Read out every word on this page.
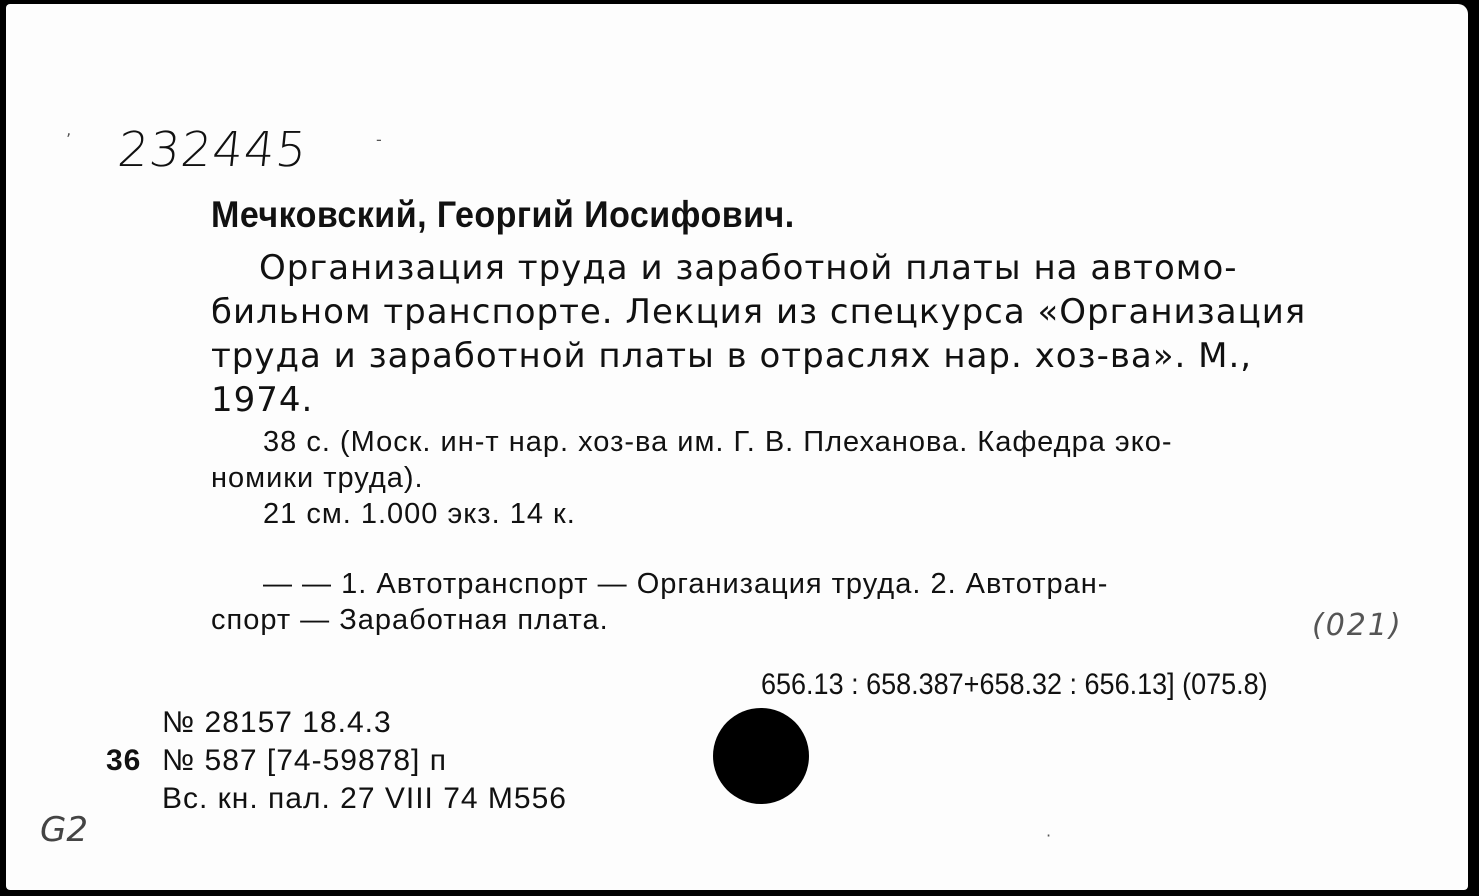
232445
Мечковский, Георгий Иосифович.
Организация труда и заработной платы на автомо-
бильном транспорте. Лекция из спецкурса «Организация
труда и заработной платы в отраслях нар. хоз-ва». М.,
1974.
38 с. (Моск. ин-т нар. хоз-ва им. Г. В. Плеханова. Кафедра эко-
номики труда).
21 см. 1.000 экз. 14 к.
— — 1. Автотранспорт — Организация труда. 2. Автотран-
спорт — Заработная плата.	(021)
656.13 : 658.387+658.32 : 656.13] (075.8)
№ 28157 18.4.3
36 № 587 [74-59878] п
Вс. кн. пал. 27 VIII 74 М556
G2
ʼ	-
·
